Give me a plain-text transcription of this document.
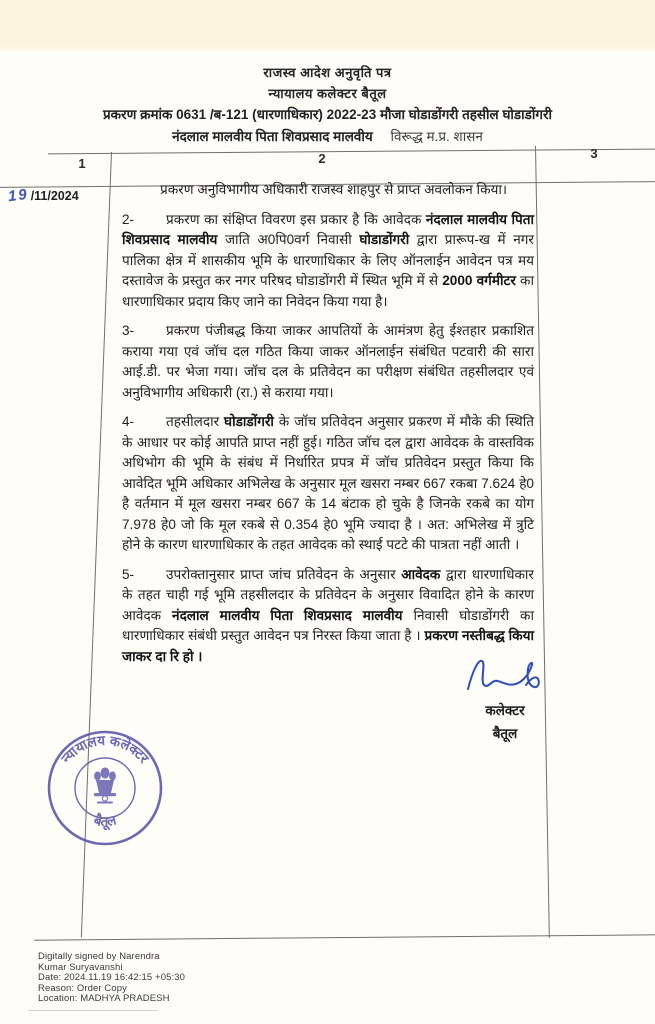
राजस्व आदेश अनुवृति पत्र
न्यायालय कलेक्टर बैतूल
प्रकरण क्रमांक 0631 /ब-121 (धारणाधिकार) 2022-23 मौजा घोडाडोंगरी तहसील घोडाडोंगरी
नंदलाल मालवीय पिता शिवप्रसाद मालवीय विरूद्ध म.प्र. शासन
1	2	3
19/11/2024	प्रकरण अनुविभागीय अधिकारी राजस्व शाहपुर से प्राप्त अवलोकन किया।

2- प्रकरण का संक्षिप्त विवरण इस प्रकार है कि आवेदक नंदलाल मालवीय पिता शिवप्रसाद मालवीय जाति अ0पि0वर्ग निवासी घोडाडोंगरी द्वारा प्रारूप-ख में नगर पालिका क्षेत्र में शासकीय भूमि के धारणाधिकार के लिए ऑनलाईन आवेदन पत्र मय दस्तावेज के प्रस्तुत कर नगर परिषद घोडाडोंगरी में स्थित भूमि में से 2000 वर्गमीटर का धारणाधिकार प्रदाय किए जाने का निवेदन किया गया है।

3- प्रकरण पंजीबद्ध किया जाकर आपतियों के आमंत्रण हेतु ईश्तहार प्रकाशित कराया गया एवं जॉच दल गठित किया जाकर ऑनलाईन संबंधित पटवारी की सारा आई.डी. पर भेजा गया। जॉच दल के प्रतिवेदन का परीक्षण संबंधित तहसीलदार एवं अनुविभागीय अधिकारी (रा.) से कराया गया।

4- तहसीलदार घोडाडोंगरी के जॉच प्रतिवेदन अनुसार प्रकरण में मौके की स्थिति के आधार पर कोई आपति प्राप्त नहीं हुई। गठित जॉच दल द्वारा आवेदक के वास्तविक अधिभोग की भूमि के संबंध में निर्धारित प्रपत्र में जॉच प्रतिवेदन प्रस्तुत किया कि आवेदित भूमि अधिकार अभिलेख के अनुसार मूल खसरा नम्बर 667 रकबा 7.624 हे0 है वर्तमान में मूल खसरा नम्बर 667 के 14 बंटाक हो चुके है जिनके रकबे का योग 7.978 हे0 जो कि मूल रकबे से 0.354 हे0 भूमि ज्यादा है । अत: अभिलेख में त्रुटि होने के कारण धारणाधिकार के तहत आवेदक को स्थाई पटटे की पात्रता नहीं आती ।

5- उपरोक्तानुसार प्राप्त जांच प्रतिवेदन के अनुसार आवेदक द्वारा धारणाधिकार के तहत चाही गई भूमि तहसीलदार के प्रतिवेदन के अनुसार विवादित होने के कारण आवेदक नंदलाल मालवीय पिता शिवप्रसाद मालवीय निवासी घोडाडोंगरी का धारणाधिकार संबंधी प्रस्तुत आवेदन पत्र निरस्त किया जाता है । प्रकरण नस्तीबद्ध किया जाकर दा रि हो ।

कलेक्टर
बैतूल
न्यायालय कलेक्टर
बैतूल
Digitally signed by Narendra
Kumar Suryavanshi
Date: 2024.11.19 16:42:15 +05:30
Reason: Order Copy
Location: MADHYA PRADESH
